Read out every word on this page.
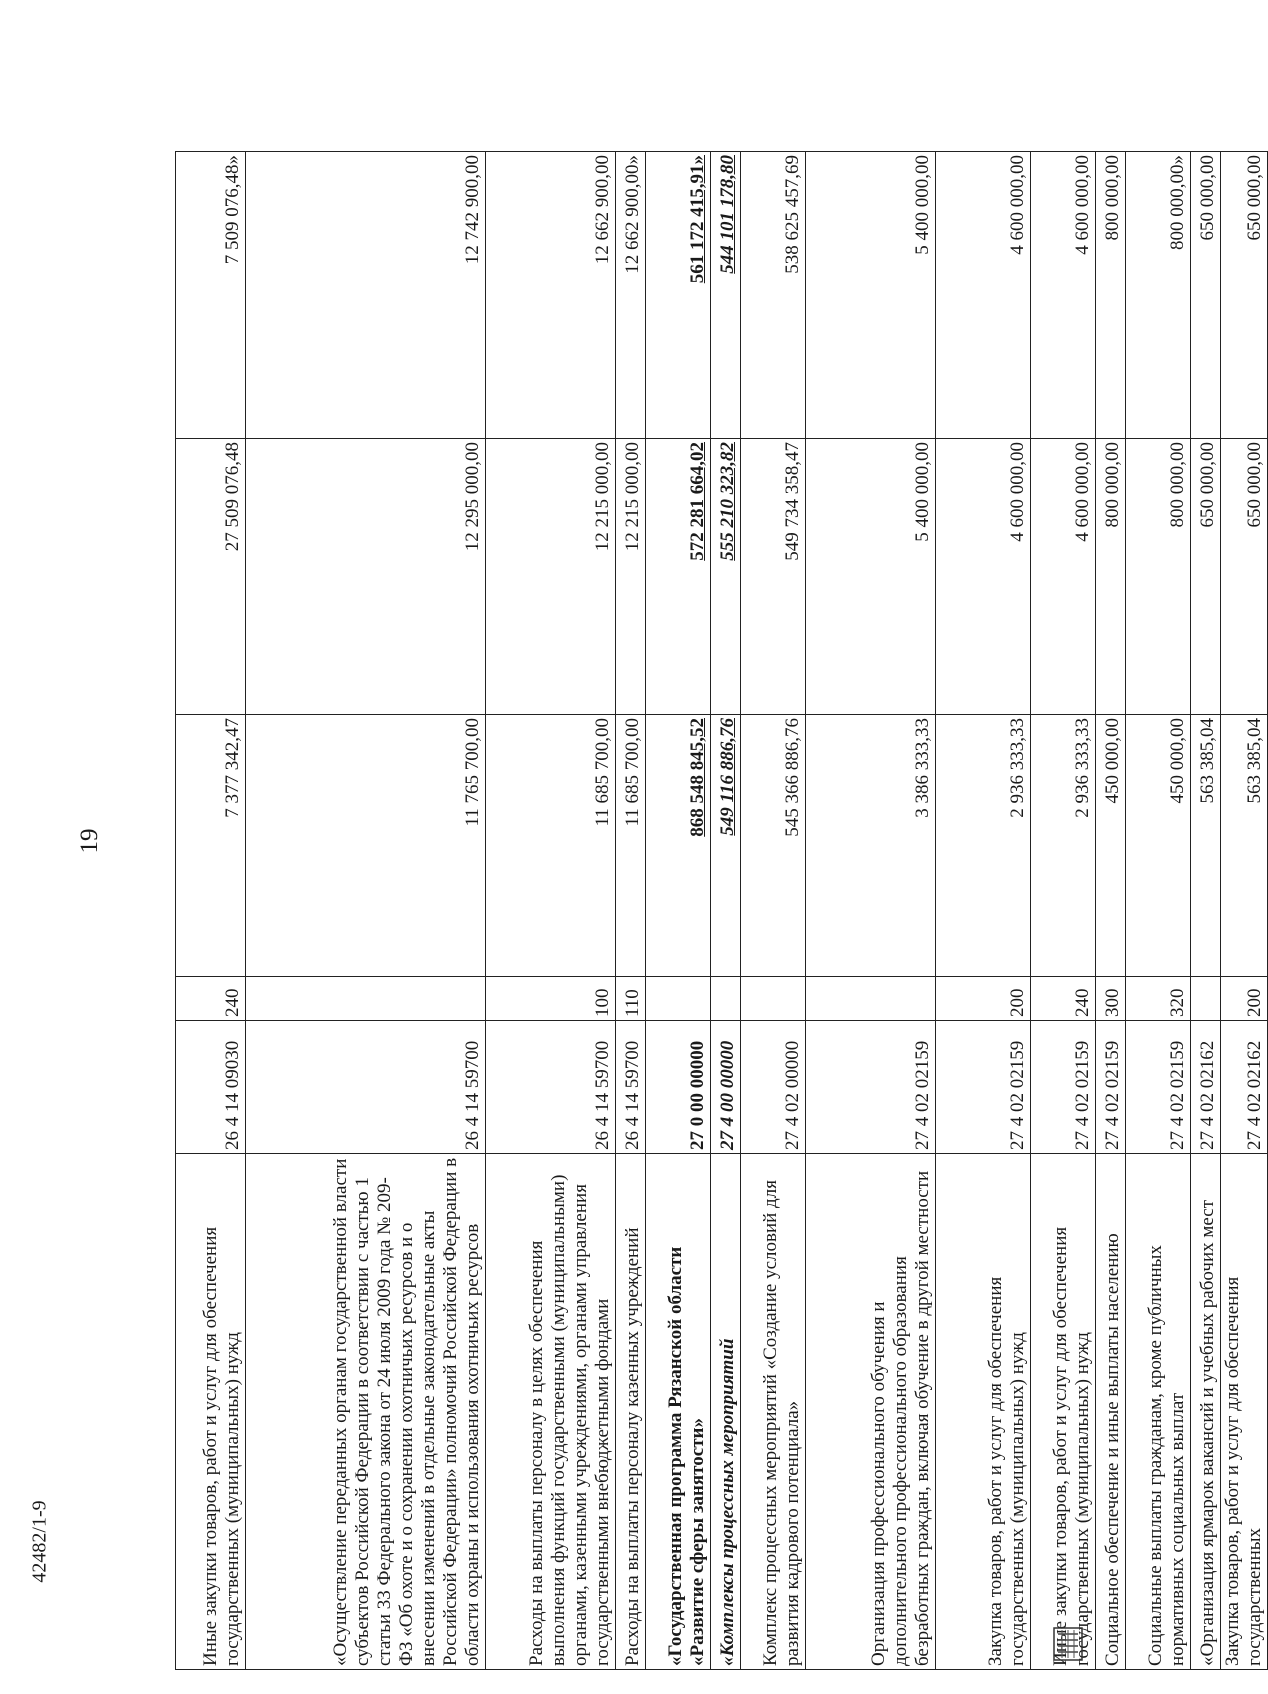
19
Иные закупки товаров, работ и услуг для обеспечения государственных (муниципальных) нужд	26 4 14 09030	240	7 377 342,47	27 509 076,48	7 509 076,48»
«Осуществление переданных органам государственной власти субъектов Российской Федерации в соответствии с частью 1 статьи 33 Федерального закона от 24 июля 2009 года № 209-ФЗ «Об охоте и о сохранении охотничьих ресурсов и о внесении изменений в отдельные законодательные акты Российской Федерации» полномочий Российской Федерации в области охраны и использования охотничьих ресурсов	26 4 14 59700		11 765 700,00	12 295 000,00	12 742 900,00
Расходы на выплаты персоналу в целях обеспечения выполнения функций государственными (муниципальными) органами, казенными учреждениями, органами управления государственными внебюджетными фондами	26 4 14 59700	100	11 685 700,00	12 215 000,00	12 662 900,00
Расходы на выплаты персоналу казенных учреждений	26 4 14 59700	110	11 685 700,00	12 215 000,00	12 662 900,00»
«Государственная программа Рязанской области «Развитие сферы занятости»	27 0 00 00000		868 548 845,52	572 281 664,02	561 172 415,91»
«Комплексы процессных мероприятий	27 4 00 00000		549 116 886,76	555 210 323,82	544 101 178,80
Комплекс процессных мероприятий «Создание условий для развития кадрового потенциала»	27 4 02 00000		545 366 886,76	549 734 358,47	538 625 457,69
Организация профессионального обучения и дополнительного профессионального образования безработных граждан, включая обучение в другой местности	27 4 02 02159		3 386 333,33	5 400 000,00	5 400 000,00
Закупка товаров, работ и услуг для обеспечения государственных (муниципальных) нужд	27 4 02 02159	200	2 936 333,33	4 600 000,00	4 600 000,00
Иные закупки товаров, работ и услуг для обеспечения государственных (муниципальных) нужд	27 4 02 02159	240	2 936 333,33	4 600 000,00	4 600 000,00
Социальное обеспечение и иные выплаты населению	27 4 02 02159	300	450 000,00	800 000,00	800 000,00
Социальные выплаты гражданам, кроме публичных нормативных социальных выплат	27 4 02 02159	320	450 000,00	800 000,00	800 000,00»
«Организация ярмарок вакансий и учебных рабочих мест	27 4 02 02162		563 385,04	650 000,00	650 000,00
Закупка товаров, работ и услуг для обеспечения государственных	27 4 02 02162	200	563 385,04	650 000,00	650 000,00
42482/1-9
